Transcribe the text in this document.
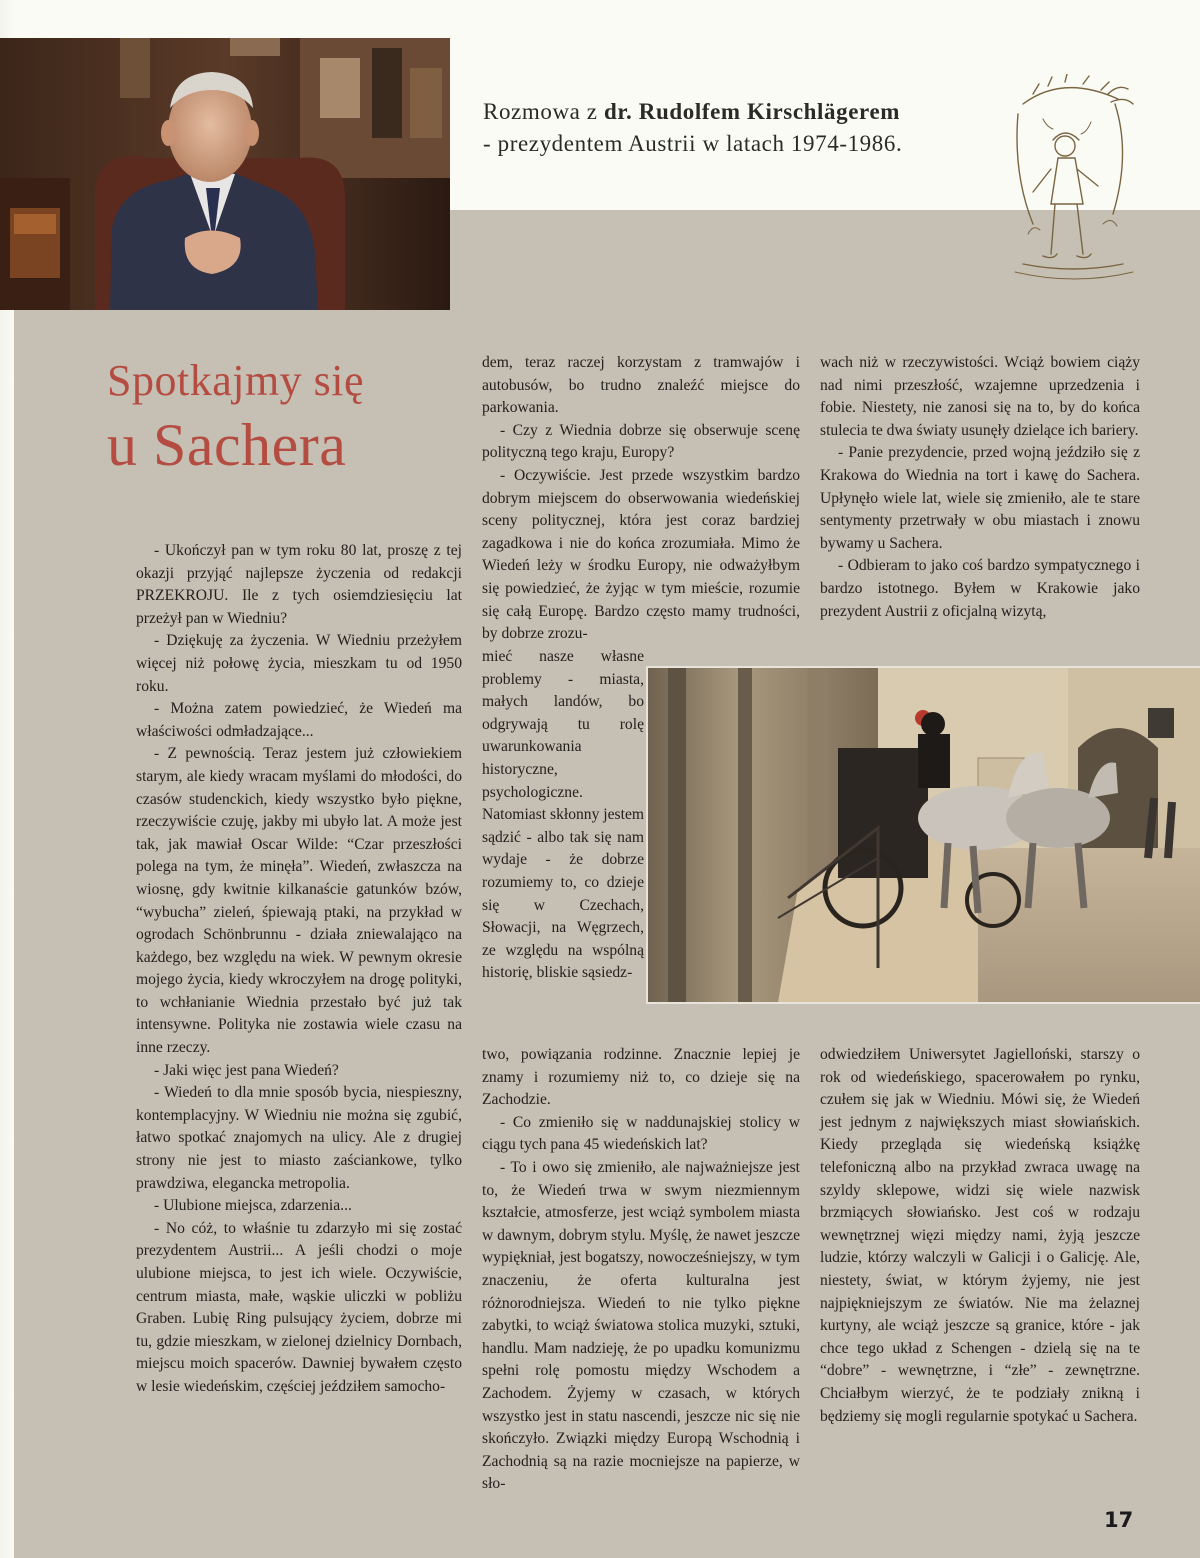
Rozmowa z dr. Rudolfem Kirschlägerem
- prezydentem Austrii w latach 1974-1986.
Spotkajmy się
u Sachera

- Ukończył pan w tym roku 80 lat, proszę z tej okazji przyjąć najlepsze życzenia od redakcji PRZEKROJU. Ile z tych osiemdziesięciu lat przeżył pan w Wiedniu?

- Dziękuję za życzenia. W Wiedniu przeżyłem więcej niż połowę życia, mieszkam tu od 1950 roku.

- Można zatem powiedzieć, że Wiedeń ma właściwości odmładzające...

- Z pewnością. Teraz jestem już człowiekiem starym, ale kiedy wracam myślami do młodości, do czasów studenckich, kiedy wszystko było piękne, rzeczywiście czuję, jakby mi ubyło lat. A może jest tak, jak mawiał Oscar Wilde: “Czar przeszłości polega na tym, że minęła”. Wiedeń, zwłaszcza na wiosnę, gdy kwitnie kilkanaście gatunków bzów, “wybucha” zieleń, śpiewają ptaki, na przykład w ogrodach Schönbrunnu - działa zniewalająco na każdego, bez względu na wiek. W pewnym okresie mojego życia, kiedy wkroczyłem na drogę polityki, to wchłanianie Wiednia przestało być już tak intensywne. Polityka nie zostawia wiele czasu na inne rzeczy.

- Jaki więc jest pana Wiedeń?

- Wiedeń to dla mnie sposób bycia, niespieszny, kontemplacyjny. W Wiedniu nie można się zgubić, łatwo spotkać znajomych na ulicy. Ale z drugiej strony nie jest to miasto zaściankowe, tylko prawdziwa, elegancka metropolia.

- Ulubione miejsca, zdarzenia...

- No cóż, to właśnie tu zdarzyło mi się zostać prezydentem Austrii... A jeśli chodzi o moje ulubione miejsca, to jest ich wiele. Oczywiście, centrum miasta, małe, wąskie uliczki w pobliżu Graben. Lubię Ring pulsujący życiem, dobrze mi tu, gdzie mieszkam, w zielonej dzielnicy Dornbach, miejscu moich spacerów. Dawniej bywałem często w lesie wiedeńskim, częściej jeździłem samocho-

dem, teraz raczej korzystam z tramwajów i autobusów, bo trudno znaleźć miejsce do parkowania.

- Czy z Wiednia dobrze się obserwuje scenę polityczną tego kraju, Europy?

- Oczywiście. Jest przede wszystkim bardzo dobrym miejscem do obserwowania wiedeńskiej sceny politycznej, która jest coraz bardziej zagadkowa i nie do końca zrozumiała. Mimo że Wiedeń leży w środku Europy, nie odważyłbym się powiedzieć, że żyjąc w tym mieście, rozumie się całą Europę. Bardzo często mamy trudności, by dobrze zrozu-

mieć nasze własne problemy - miasta, małych landów, bo odgrywają tu rolę uwarunkowania historyczne, psychologiczne. Natomiast skłonny jestem sądzić - albo tak się nam wydaje - że dobrze rozumiemy to, co dzieje się w Czechach, Słowacji, na Węgrzech, ze względu na wspólną historię, bliskie sąsiedz-

two, powiązania rodzinne. Znacznie lepiej je znamy i rozumiemy niż to, co dzieje się na Zachodzie.

- Co zmieniło się w naddunajskiej stolicy w ciągu tych pana 45 wiedeńskich lat?

- To i owo się zmieniło, ale najważniejsze jest to, że Wiedeń trwa w swym niezmiennym kształcie, atmosferze, jest wciąż symbolem miasta w dawnym, dobrym stylu. Myślę, że nawet jeszcze wypiękniał, jest bogatszy, nowocześniejszy, w tym znaczeniu, że oferta kulturalna jest różnorodniejsza. Wiedeń to nie tylko piękne zabytki, to wciąż światowa stolica muzyki, sztuki, handlu. Mam nadzieję, że po upadku komunizmu spełni rolę pomostu między Wschodem a Zachodem. Żyjemy w czasach, w których wszystko jest in statu nascendi, jeszcze nic się nie skończyło. Związki między Europą Wschodnią i Zachodnią są na razie mocniejsze na papierze, w sło-

wach niż w rzeczywistości. Wciąż bowiem ciąży nad nimi przeszłość, wzajemne uprzedzenia i fobie. Niestety, nie zanosi się na to, by do końca stulecia te dwa światy usunęły dzielące ich bariery.

- Panie prezydencie, przed wojną jeździło się z Krakowa do Wiednia na tort i kawę do Sachera. Upłynęło wiele lat, wiele się zmieniło, ale te stare sentymenty przetrwały w obu miastach i znowu bywamy u Sachera.

- Odbieram to jako coś bardzo sympatycznego i bardzo istotnego. Byłem w Krakowie jako prezydent Austrii z oficjalną wizytą,

odwiedziłem Uniwersytet Jagielloński, starszy o rok od wiedeńskiego, spacerowałem po rynku, czułem się jak w Wiedniu. Mówi się, że Wiedeń jest jednym z największych miast słowiańskich. Kiedy przegląda się wiedeńską książkę telefoniczną albo na przykład zwraca uwagę na szyldy sklepowe, widzi się wiele nazwisk brzmiących słowiańsko. Jest coś w rodzaju wewnętrznej więzi między nami, żyją jeszcze ludzie, którzy walczyli w Galicji i o Galicję. Ale, niestety, świat, w którym żyjemy, nie jest najpiękniejszym ze światów. Nie ma żelaznej kurtyny, ale wciąż jeszcze są granice, które - jak chce tego układ z Schengen - dzielą się na te “dobre” - wewnętrzne, i “złe” - zewnętrzne. Chciałbym wierzyć, że te podziały znikną i będziemy się mogli regularnie spotykać u Sachera.

17
